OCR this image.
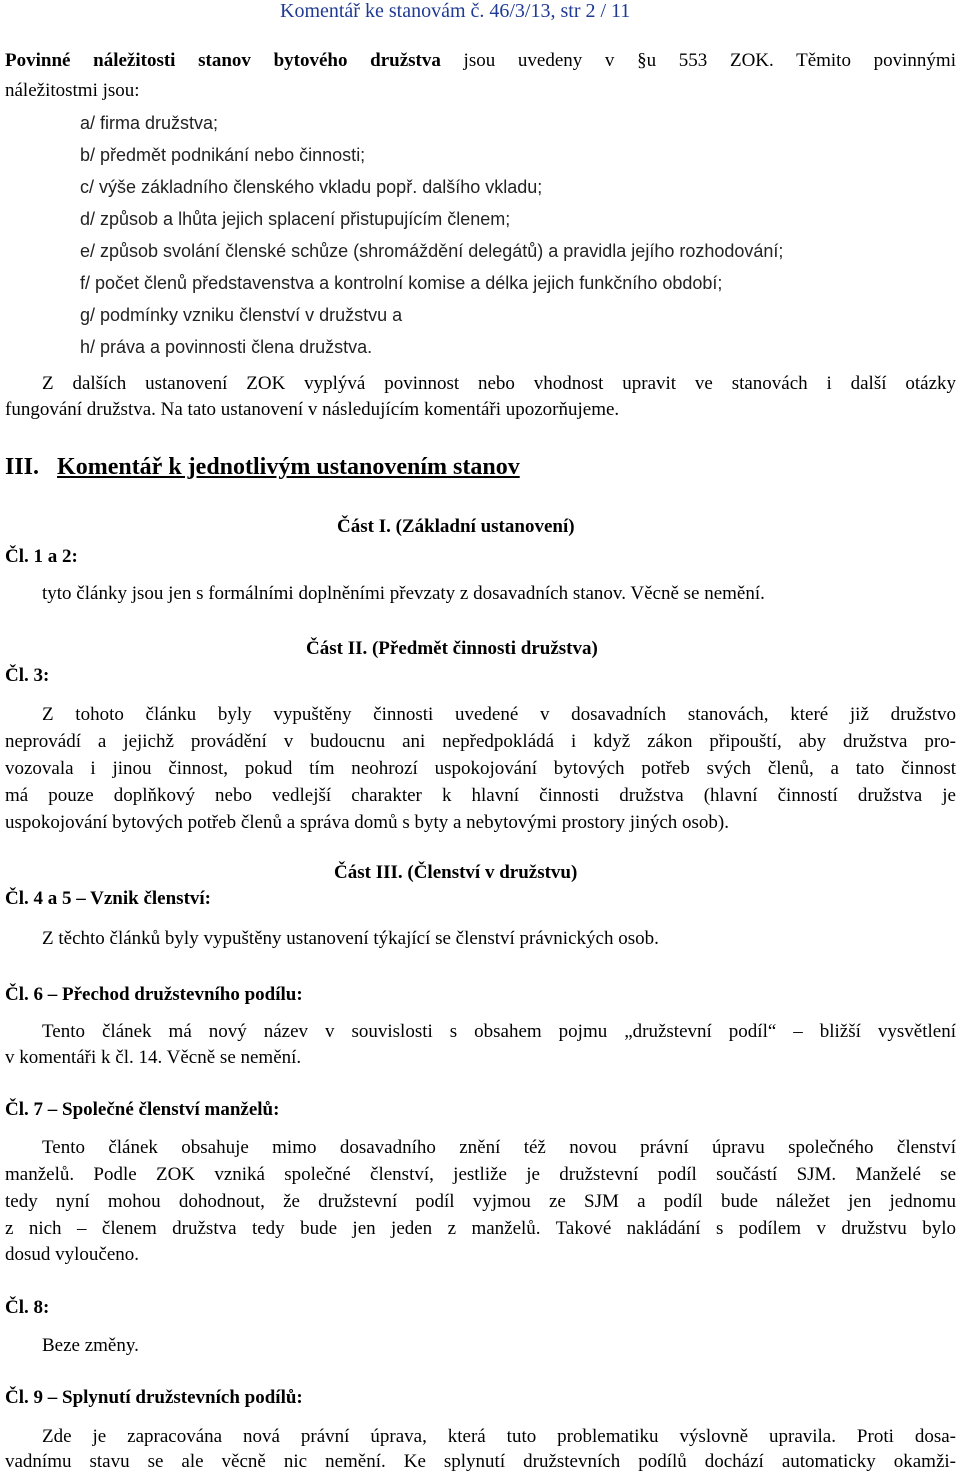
Komentář ke stanovám č. 46/3/13, str 2 / 11
Povinné náležitosti stanov bytového družstva jsou uvedeny v §u 553 ZOK. Těmito povinnými
náležitostmi jsou:
a/ firma družstva;
b/ předmět podnikání nebo činnosti;
c/ výše základního členského vkladu popř. dalšího vkladu;
d/ způsob a lhůta jejich splacení přistupujícím členem;
e/ způsob svolání členské schůze (shromáždění delegátů) a pravidla jejího rozhodování;
f/ počet členů představenstva a kontrolní komise a délka jejich funkčního období;
g/ podmínky vzniku členství v družstvu a
h/ práva a povinnosti člena družstva.
Z dalších ustanovení ZOK vyplývá povinnost nebo vhodnost upravit ve stanovách i další otázky
fungování družstva. Na tato ustanovení v následujícím komentáři upozorňujeme.
III. Komentář k jednotlivým ustanovením stanov
Část I. (Základní ustanovení)
Čl. 1 a 2:
tyto články jsou jen s formálními doplněními převzaty z dosavadních stanov. Věcně se nemění.
Část II. (Předmět činnosti družstva)
Čl. 3:
Z tohoto článku byly vypuštěny činnosti uvedené v dosavadních stanovách, které již družstvo
neprovádí a jejichž provádění v budoucnu ani nepředpokládá i když zákon připouští, aby družstva pro-
vozovala i jinou činnost, pokud tím neohrozí uspokojování bytových potřeb svých členů, a tato činnost
má pouze doplňkový nebo vedlejší charakter k hlavní činnosti družstva (hlavní činností družstva je
uspokojování bytových potřeb členů a správa domů s byty a nebytovými prostory jiných osob).
Část III. (Členství v družstvu)
Čl. 4 a 5 – Vznik členství:
Z těchto článků byly vypuštěny ustanovení týkající se členství právnických osob.
Čl. 6 – Přechod družstevního podílu:
Tento článek má nový název v souvislosti s obsahem pojmu „družstevní podíl“ – bližší vysvětlení
v komentáři k čl. 14. Věcně se nemění.
Čl. 7 – Společné členství manželů:
Tento článek obsahuje mimo dosavadního znění též novou právní úpravu společného členství
manželů. Podle ZOK vzniká společné členství, jestliže je družstevní podíl součástí SJM. Manželé se
tedy nyní mohou dohodnout, že družstevní podíl vyjmou ze SJM a podíl bude náležet jen jednomu
z nich – členem družstva tedy bude jen jeden z manželů. Takové nakládání s podílem v družstvu bylo
dosud vyloučeno.
Čl. 8:
Beze změny.
Čl. 9 – Splynutí družstevních podílů:
Zde je zapracována nová právní úprava, která tuto problematiku výslovně upravila. Proti dosa-
vadnímu stavu se ale věcně nic nemění. Ke splynutí družstevních podílů dochází automaticky okamži-
